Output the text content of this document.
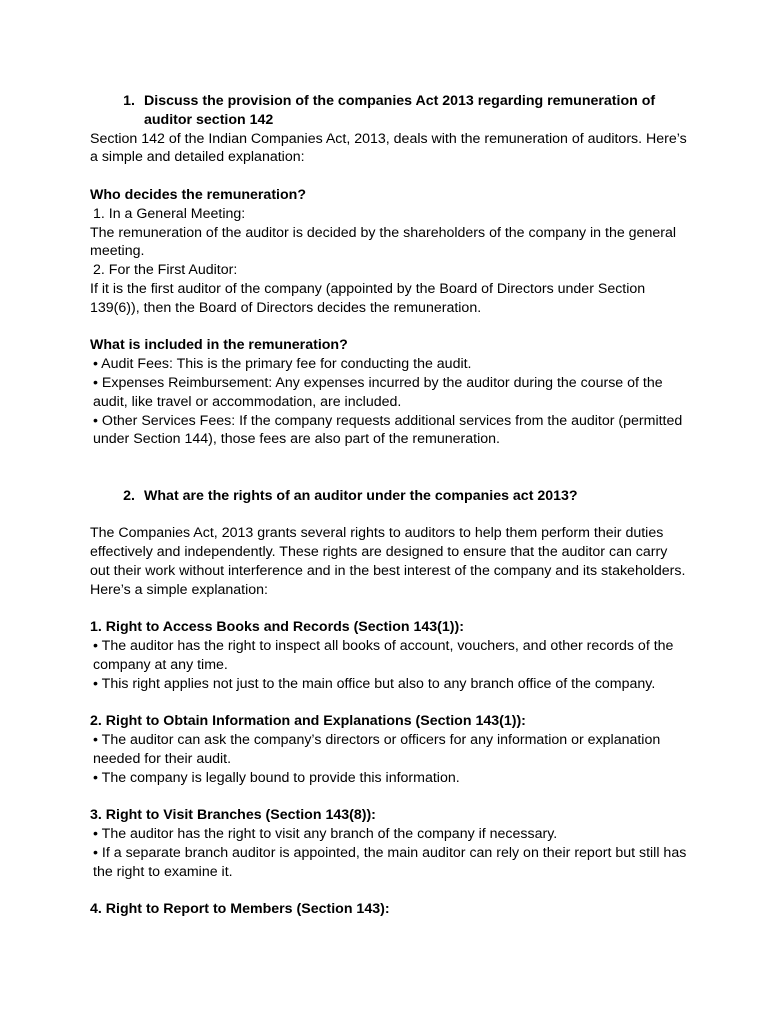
1. Discuss the provision of the companies Act 2013 regarding remuneration of auditor section 142

Section 142 of the Indian Companies Act, 2013, deals with the remuneration of auditors. Here’s a simple and detailed explanation:

Who decides the remuneration?

1. In a General Meeting:

The remuneration of the auditor is decided by the shareholders of the company in the general meeting.

2. For the First Auditor:

If it is the first auditor of the company (appointed by the Board of Directors under Section 139(6)), then the Board of Directors decides the remuneration.

What is included in the remuneration?

• Audit Fees: This is the primary fee for conducting the audit.

• Expenses Reimbursement: Any expenses incurred by the auditor during the course of the audit, like travel or accommodation, are included.

• Other Services Fees: If the company requests additional services from the auditor (permitted under Section 144), those fees are also part of the remuneration.

2. What are the rights of an auditor under the companies act 2013?

The Companies Act, 2013 grants several rights to auditors to help them perform their duties effectively and independently. These rights are designed to ensure that the auditor can carry out their work without interference and in the best interest of the company and its stakeholders. Here’s a simple explanation:

1. Right to Access Books and Records (Section 143(1)):

• The auditor has the right to inspect all books of account, vouchers, and other records of the company at any time.

• This right applies not just to the main office but also to any branch office of the company.

2. Right to Obtain Information and Explanations (Section 143(1)):

• The auditor can ask the company’s directors or officers for any information or explanation needed for their audit.

• The company is legally bound to provide this information.

3. Right to Visit Branches (Section 143(8)):

• The auditor has the right to visit any branch of the company if necessary.

• If a separate branch auditor is appointed, the main auditor can rely on their report but still has the right to examine it.

4. Right to Report to Members (Section 143):
